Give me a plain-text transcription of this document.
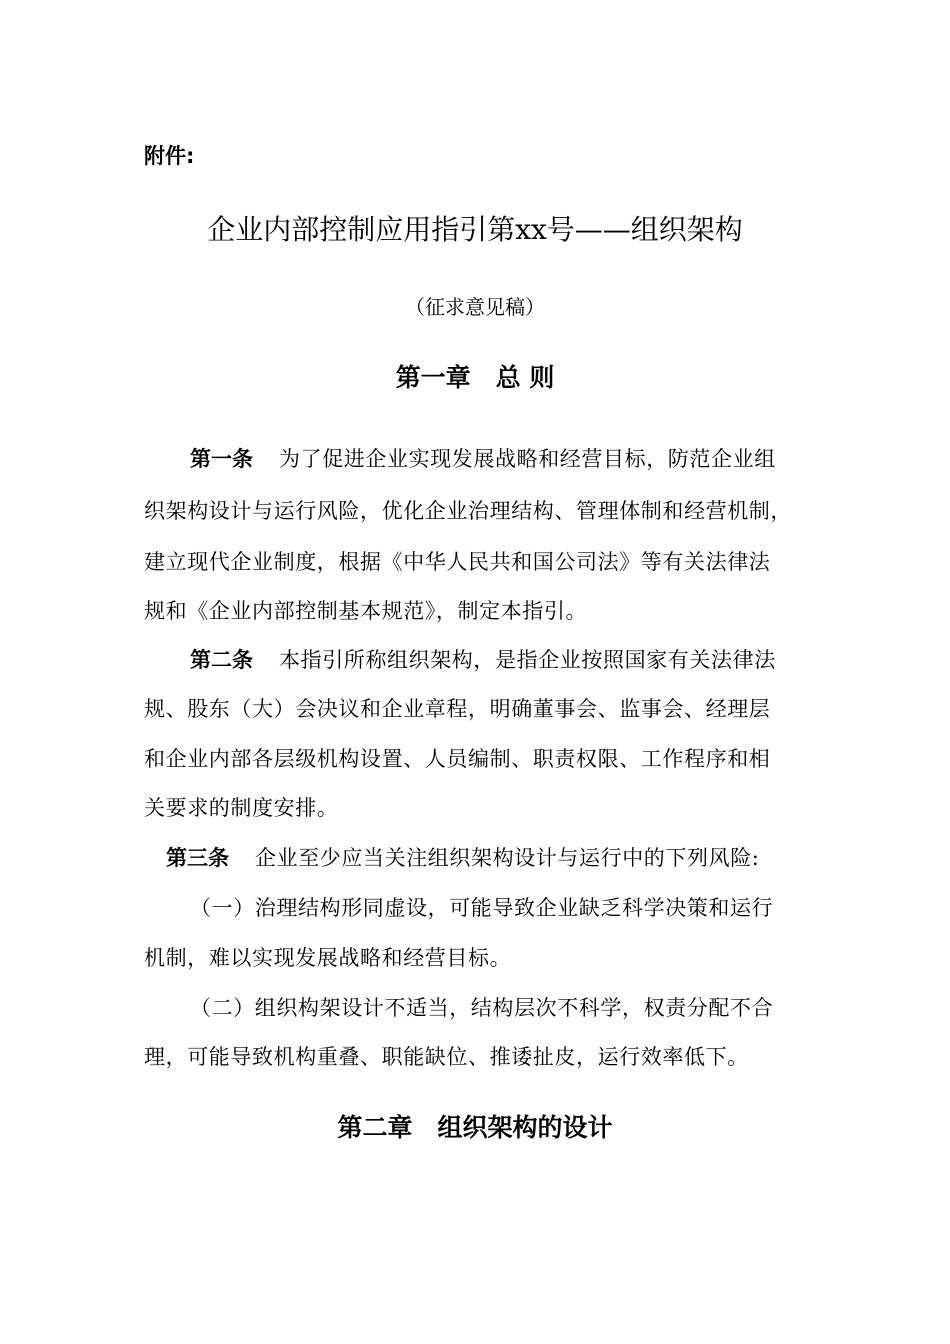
附件:
企业内部控制应用指引第xx号——组织架构
（征求意见稿）
第一章　总 则
第一条 为了促进企业实现发展战略和经营目标，防范企业组
织架构设计与运行风险，优化企业治理结构、管理体制和经营机制，
建立现代企业制度，根据《中华人民共和国公司法》等有关法律法
规和《企业内部控制基本规范》，制定本指引。
第二条 本指引所称组织架构，是指企业按照国家有关法律法
规、股东（大）会决议和企业章程，明确董事会、监事会、经理层
和企业内部各层级机构设置、人员编制、职责权限、工作程序和相
关要求的制度安排。
第三条 企业至少应当关注组织架构设计与运行中的下列风险:
（一）治理结构形同虚设，可能导致企业缺乏科学决策和运行
机制，难以实现发展战略和经营目标。
（二）组织构架设计不适当，结构层次不科学，权责分配不合
理，可能导致机构重叠、职能缺位、推诿扯皮，运行效率低下。
第二章　组织架构的设计
